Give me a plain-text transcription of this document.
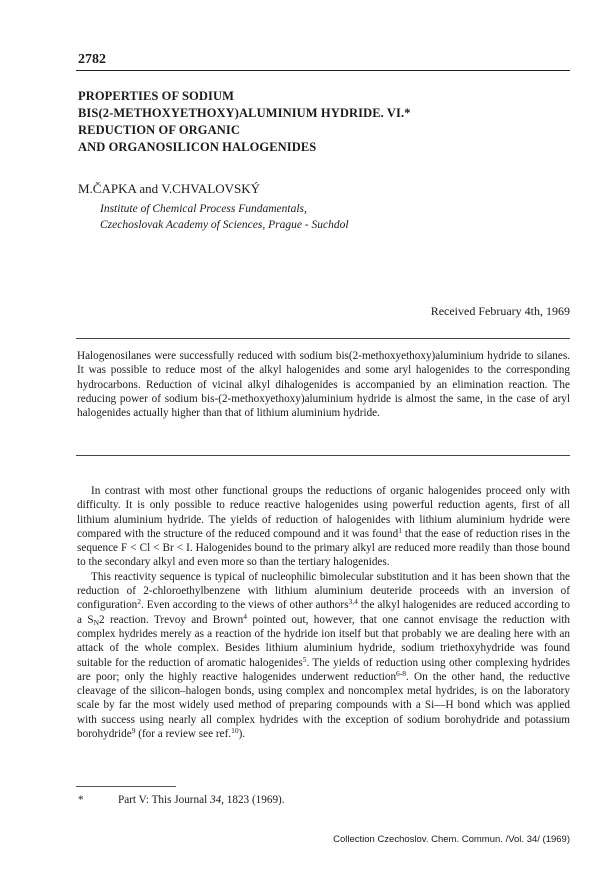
2782
PROPERTIES OF SODIUM
BIS(2-METHOXYETHOXY)ALUMINIUM HYDRIDE. VI.*
REDUCTION OF ORGANIC
AND ORGANOSILICON HALOGENIDES
M.ČAPKA and V.CHVALOVSKÝ
Institute of Chemical Process Fundamentals,
Czechoslovak Academy of Sciences, Prague - Suchdol
Received February 4th, 1969
Halogenosilanes were successfully reduced with sodium bis(2-methoxyethoxy)aluminium hydride to silanes. It was possible to reduce most of the alkyl halogenides and some aryl halogenides to the corresponding hydrocarbons. Reduction of vicinal alkyl dihalogenides is accompanied by an elimination reaction. The reducing power of sodium bis-(2-methoxyethoxy)aluminium hydride is almost the same, in the case of aryl halogenides actually higher than that of lithium aluminium hydride.

In contrast with most other functional groups the reductions of organic halogenides proceed only with difficulty. It is only possible to reduce reactive halogenides using powerful reduction agents, first of all lithium aluminium hydride. The yields of reduction of halogenides with lithium aluminium hydride were compared with the structure of the reduced compound and it was found$^1$ that the ease of reduction rises in the sequence F < Cl < Br < I. Halogenides bound to the primary alkyl are reduced more readily than those bound to the secondary alkyl and even more so than the tertiary halogenides.

This reactivity sequence is typical of nucleophilic bimolecular substitution and it has been shown that the reduction of 2-chloroethylbenzene with lithium aluminium deuteride proceeds with an inversion of configuration$^2$. Even according to the views of other authors$^{3,4}$ the alkyl halogenides are reduced according to a $S_N2$ reaction. Trevoy and Brown$^4$ pointed out, however, that one cannot envisage the reduction with complex hydrides merely as a reaction of the hydride ion itself but that probably we are dealing here with an attack of the whole complex. Besides lithium aluminium hydride, sodium triethoxyhydride was found suitable for the reduction of aromatic halogenides$^5$. The yields of reduction using other complexing hydrides are poor; only the highly reactive halogenides underwent reduction$^{6-8}$. On the other hand, the reductive cleavage of the silicon–halogen bonds, using complex and noncomplex metal hydrides, is on the laboratory scale by far the most widely used method of preparing compounds with a Si—H bond which was applied with success using nearly all complex hydrides with the exception of sodium borohydride and potassium borohydride$^9$ (for a review see ref.$^{10}$).

*	Part V: This Journal 34, 1823 (1969).
Collection Czechoslov. Chem. Commun. /Vol. 34/ (1969)
